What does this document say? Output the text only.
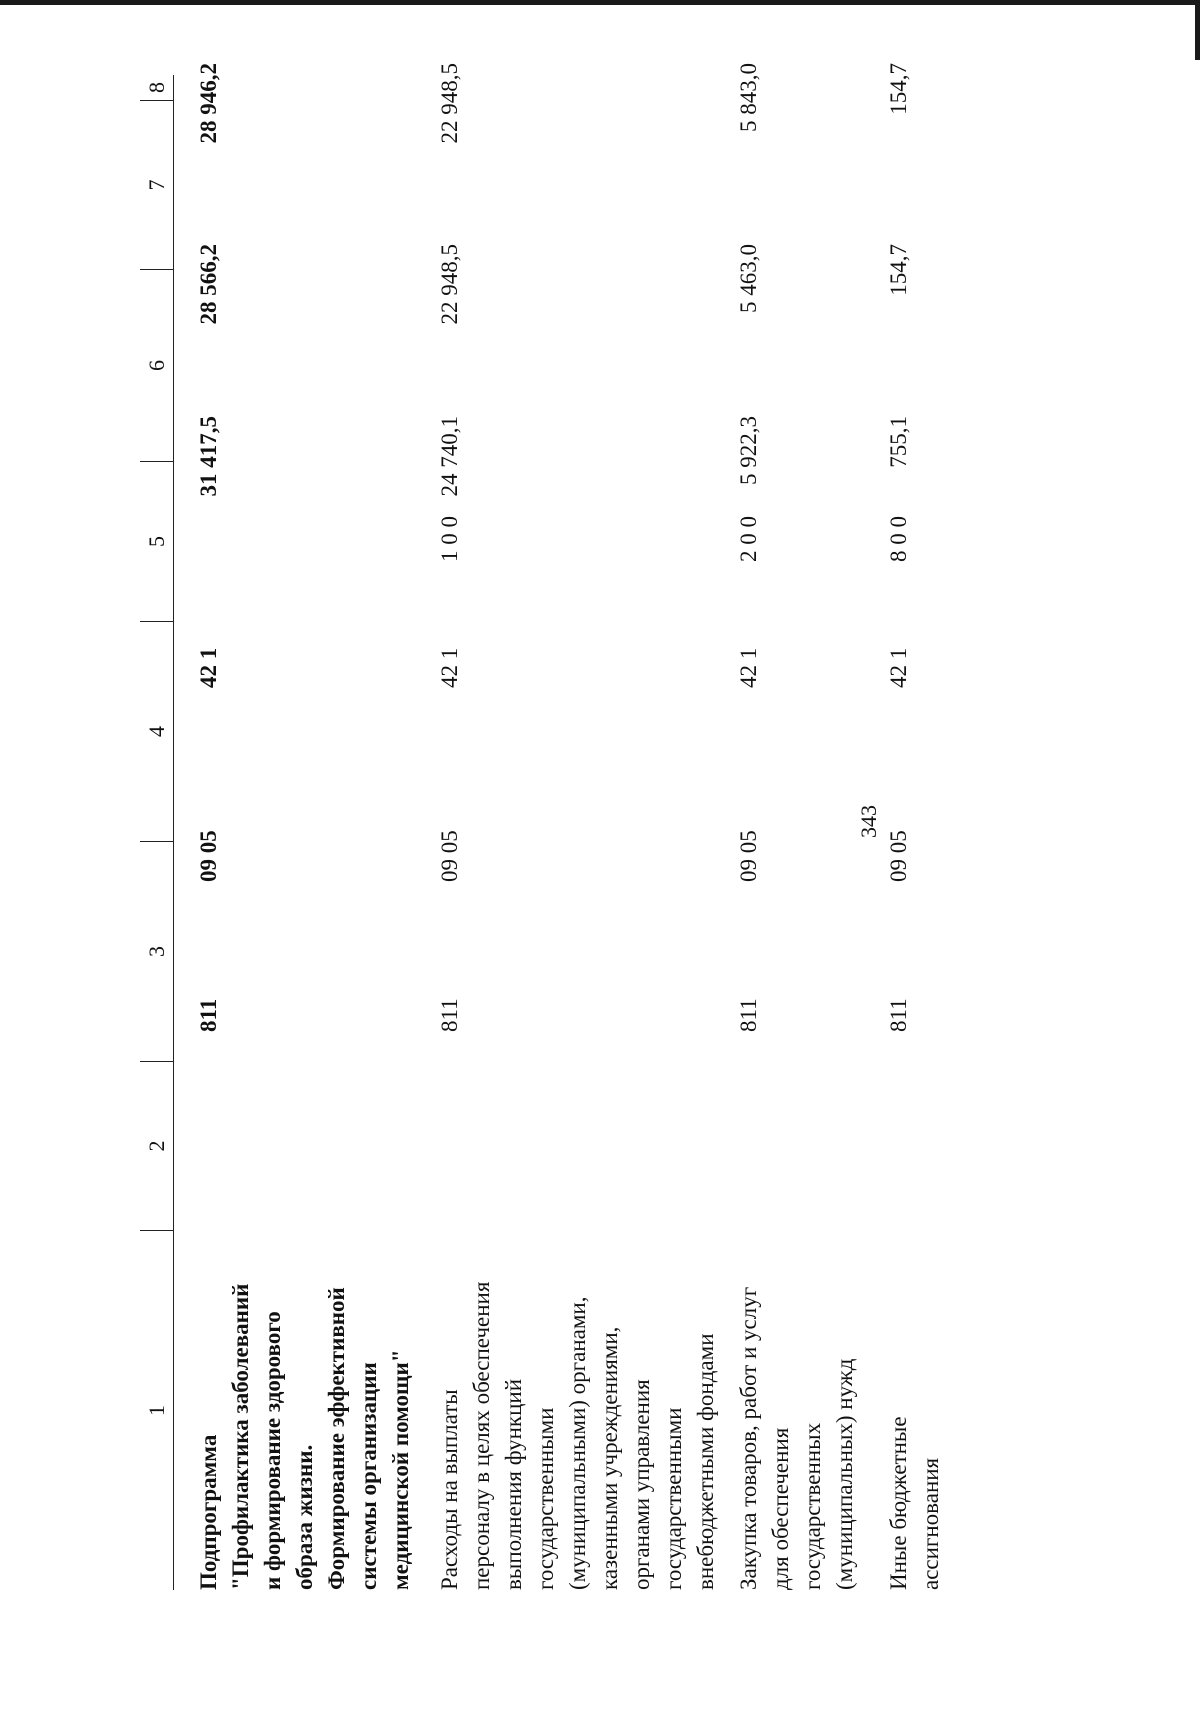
343
1
2
3
4
5
6
7
8
Подпрограмма "Профилактика заболеваний и формирование здорового образа жизни. Формирование эффективной системы организации медицинской помощи"
811
09 05
42 1
31 417,5
28 566,2
28 946,2
Расходы на выплаты персоналу в целях обеспечения выполнения функций государственными (муниципальными) органами, казенными учреждениями, органами управления государственными внебюджетными фондами
811
09 05
42 1
1 0 0
24 740,1
22 948,5
22 948,5
Закупка товаров, работ и услуг для обеспечения государственных (муниципальных) нужд
811
09 05
42 1
2 0 0
5 922,3
5 463,0
5 843,0
Иные бюджетные ассигнования
811
09 05
42 1
8 0 0
755,1
154,7
154,7
